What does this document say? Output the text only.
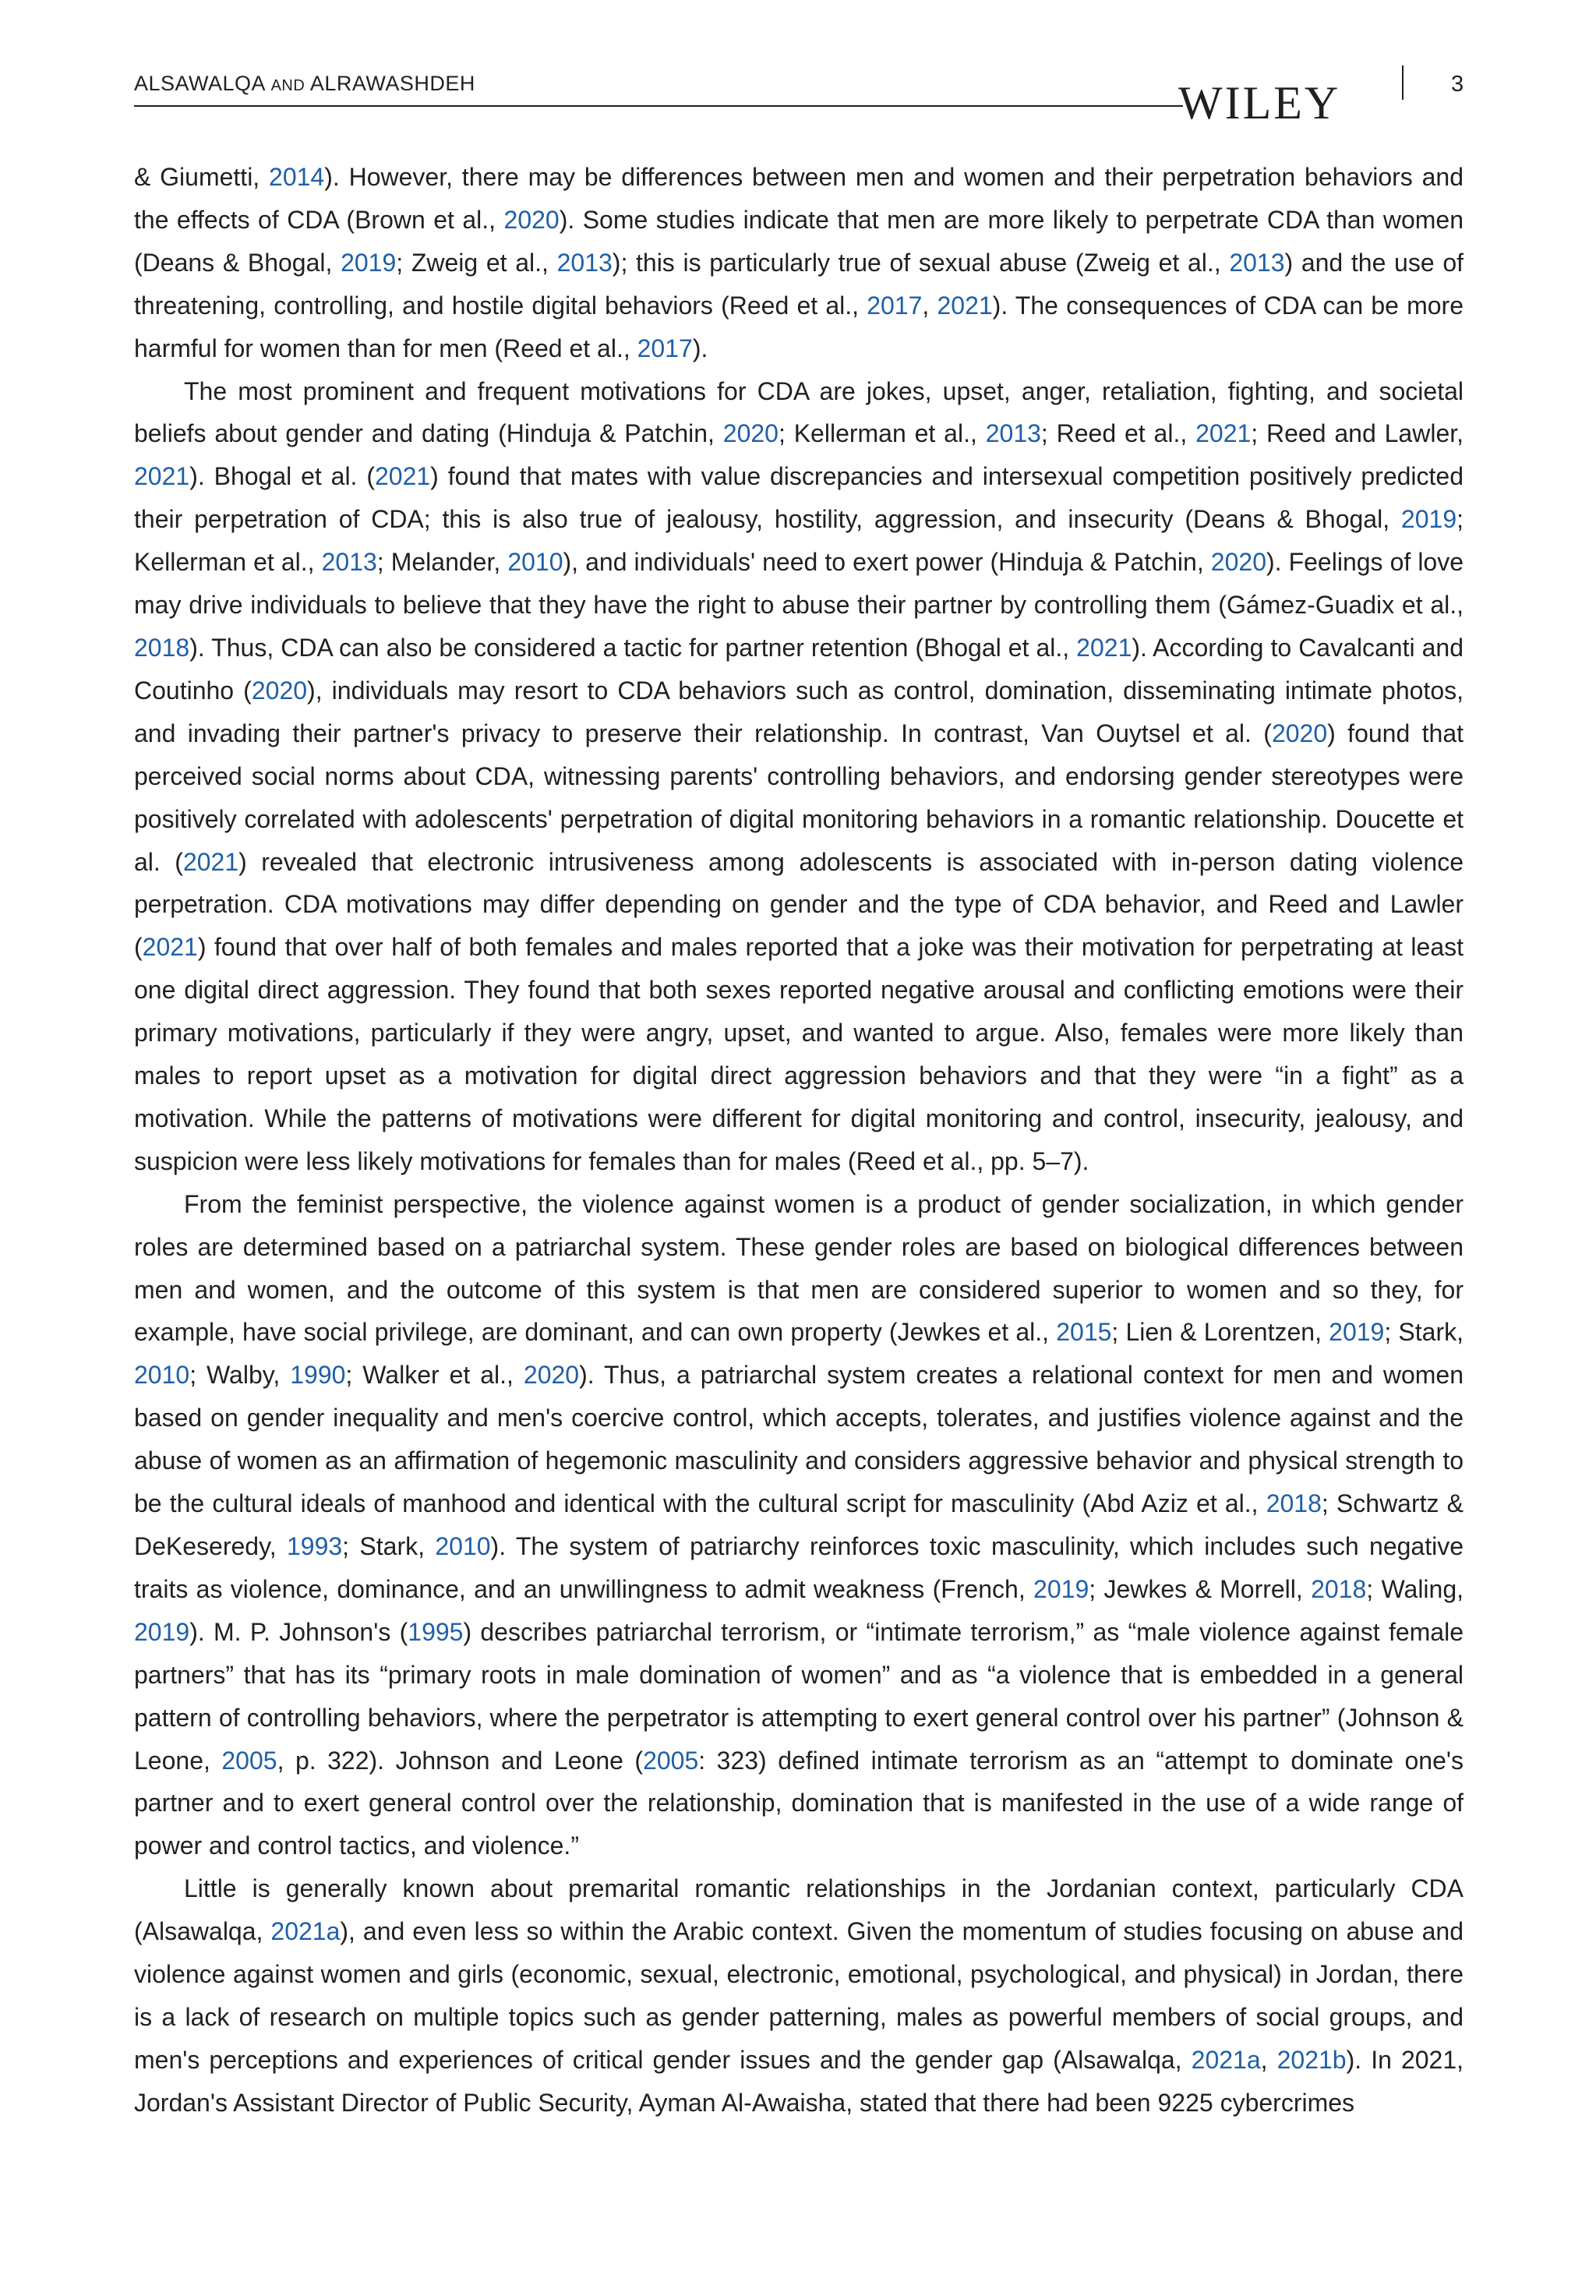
ALSAWALQA AND ALRAWASHDEH	WILEY	3

& Giumetti, 2014). However, there may be differences between men and women and their perpetration behaviors and the effects of CDA (Brown et al., 2020). Some studies indicate that men are more likely to perpetrate CDA than women (Deans & Bhogal, 2019; Zweig et al., 2013); this is particularly true of sexual abuse (Zweig et al., 2013) and the use of threatening, controlling, and hostile digital behaviors (Reed et al., 2017, 2021). The consequences of CDA can be more harmful for women than for men (Reed et al., 2017).

The most prominent and frequent motivations for CDA are jokes, upset, anger, retaliation, fighting, and societal beliefs about gender and dating (Hinduja & Patchin, 2020; Kellerman et al., 2013; Reed et al., 2021; Reed and Lawler, 2021). Bhogal et al. (2021) found that mates with value discrepancies and intersexual competition positively predicted their perpetration of CDA; this is also true of jealousy, hostility, aggression, and insecurity (Deans & Bhogal, 2019; Kellerman et al., 2013; Melander, 2010), and individuals' need to exert power (Hinduja & Patchin, 2020). Feelings of love may drive individuals to believe that they have the right to abuse their partner by controlling them (Gámez-Guadix et al., 2018). Thus, CDA can also be considered a tactic for partner retention (Bhogal et al., 2021). According to Cavalcanti and Coutinho (2020), individuals may resort to CDA behaviors such as control, domination, disseminating intimate photos, and invading their partner's privacy to preserve their relationship. In contrast, Van Ouytsel et al. (2020) found that perceived social norms about CDA, witnessing parents' controlling behaviors, and endorsing gender stereotypes were positively correlated with adolescents' perpetration of digital monitoring behaviors in a romantic relationship. Doucette et al. (2021) revealed that electronic intrusiveness among adolescents is associated with in-person dating violence perpetration. CDA motivations may differ depending on gender and the type of CDA behavior, and Reed and Lawler (2021) found that over half of both females and males reported that a joke was their motivation for perpetrating at least one digital direct aggression. They found that both sexes reported negative arousal and conflicting emotions were their primary motivations, particularly if they were angry, upset, and wanted to argue. Also, females were more likely than males to report upset as a motivation for digital direct aggression behaviors and that they were “in a fight” as a motivation. While the patterns of motivations were different for digital monitoring and control, insecurity, jealousy, and suspicion were less likely motivations for females than for males (Reed et al., pp. 5–7).

From the feminist perspective, the violence against women is a product of gender socialization, in which gender roles are determined based on a patriarchal system. These gender roles are based on biological differences between men and women, and the outcome of this system is that men are considered superior to women and so they, for example, have social privilege, are dominant, and can own property (Jewkes et al., 2015; Lien & Lorentzen, 2019; Stark, 2010; Walby, 1990; Walker et al., 2020). Thus, a patriarchal system creates a relational context for men and women based on gender inequality and men's coercive control, which accepts, tolerates, and justifies violence against and the abuse of women as an affirmation of hegemonic masculinity and considers aggressive behavior and physical strength to be the cultural ideals of manhood and identical with the cultural script for masculinity (Abd Aziz et al., 2018; Schwartz & DeKeseredy, 1993; Stark, 2010). The system of patriarchy reinforces toxic masculinity, which includes such negative traits as violence, dominance, and an unwillingness to admit weakness (French, 2019; Jewkes & Morrell, 2018; Waling, 2019). M. P. Johnson's (1995) describes patriarchal terrorism, or “intimate terrorism,” as “male violence against female partners” that has its “primary roots in male domination of women” and as “a violence that is embedded in a general pattern of controlling behaviors, where the perpetrator is attempting to exert general control over his partner” (Johnson & Leone, 2005, p. 322). Johnson and Leone (2005: 323) defined intimate terrorism as an “attempt to dominate one's partner and to exert general control over the relationship, domination that is manifested in the use of a wide range of power and control tactics, and violence.”

Little is generally known about premarital romantic relationships in the Jordanian context, particularly CDA (Alsawalqa, 2021a), and even less so within the Arabic context. Given the momentum of studies focusing on abuse and violence against women and girls (economic, sexual, electronic, emotional, psychological, and physical) in Jordan, there is a lack of research on multiple topics such as gender patterning, males as powerful members of social groups, and men's perceptions and experiences of critical gender issues and the gender gap (Alsawalqa, 2021a, 2021b). In 2021, Jordan's Assistant Director of Public Security, Ayman Al-Awaisha, stated that there had been 9225 cybercrimes
